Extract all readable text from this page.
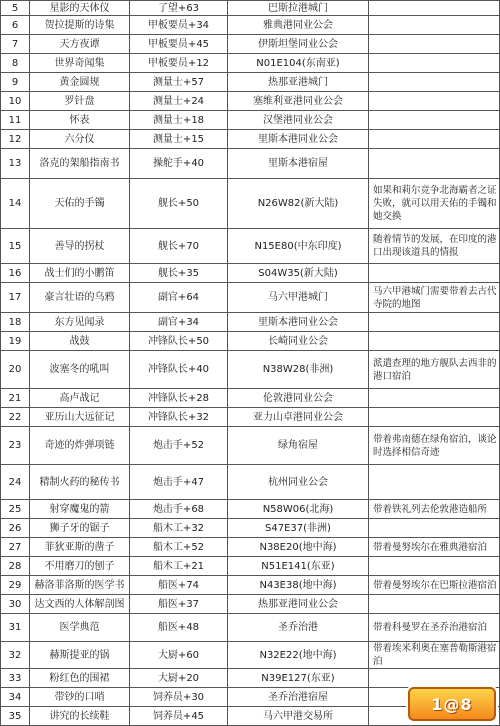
5	星影的天体仪	了望+63	巴斯拉港城门	
6	贺拉提斯的诗集	甲板要员+34	雅典港同业公会	
7	天方夜谭	甲板要员+45	伊斯坦堡同业公会	
8	世界奇闻集	甲板要员+12	N01E104(东南亚)	
9	黄金圆规	测量士+57	热那亚港城门	
10	罗针盘	测量士+24	塞维利亚港同业公会	
11	怀表	测量士+18	汉堡港同业公会	
12	六分仪	测量士+15	里斯本港同业公会	
13	洛克的架船指南书	操舵手+40	里斯本港宿屋	
14	天佑的手镯	舰长+50	N26W82(新大陆)	如果和莉尔竞争北海霸者之证失败，就可以用天佑的手镯和她交换
15	善导的拐杖	舰长+70	N15E80(中东印度)	随着情节的发展，在印度的港口出现该道具的情报
16	战士们的小鹏笛	舰长+35	S04W35(新大陆)	
17	豪言壮语的乌鸦	副官+64	马六甲港城门	马六甲港城门需要带着去古代寺院的地图
18	东方见闻录	副官+34	里斯本港同业公会	
19	战鼓	冲锋队长+50	长崎同业公会	
20	波塞冬的吼叫	冲锋队长+40	N38W28(非洲)	派遣查理的地方舰队去西非的港口宿泊
21	高卢战记	冲锋队长+28	伦敦港同业公会	
22	亚历山大远征记	冲锋队长+32	亚力山卓港同业公会	
23	奇迹的炸弹项链	炮击手+52	绿角宿屋	带着弗南德在绿角宿泊，谈论时选择相信奇迹
24	精制火药的秘传书	炮击手+47	杭州同业公会	
25	射穿魔鬼的箭	炮击手+68	N58W06(北海)	带着铁礼列去伦敦港造船所
26	狮子牙的锯子	船木工+32	S47E37(非洲)	
27	菲狄亚斯的凿子	船木工+52	N38E20(地中海)	带着曼努埃尔在雅典港宿泊
28	不用磨刀的刨子	船木工+21	N51E141(东亚)	
29	赫洛菲洛斯的医学书	船医+74	N43E38(地中海)	带着曼努埃尔在巴斯拉港宿泊
30	达文西的人体解剖图	船医+37	热那亚港同业公会	
31	医学典范	船医+48	圣乔治港	带着科曼罗在圣乔治港宿泊
32	赫斯提亚的锅	大厨+60	N32E22(地中海)	带着埃米利奥在塞普勒斯港宿泊
33	粉红色的围裙	大厨+20	N39E127(东亚)	
34	带钞的口哨	饲养员+30	圣乔治港宿屋	
35	讲究的长续鞋	饲养员+45	马六甲港交易所	
1@8
